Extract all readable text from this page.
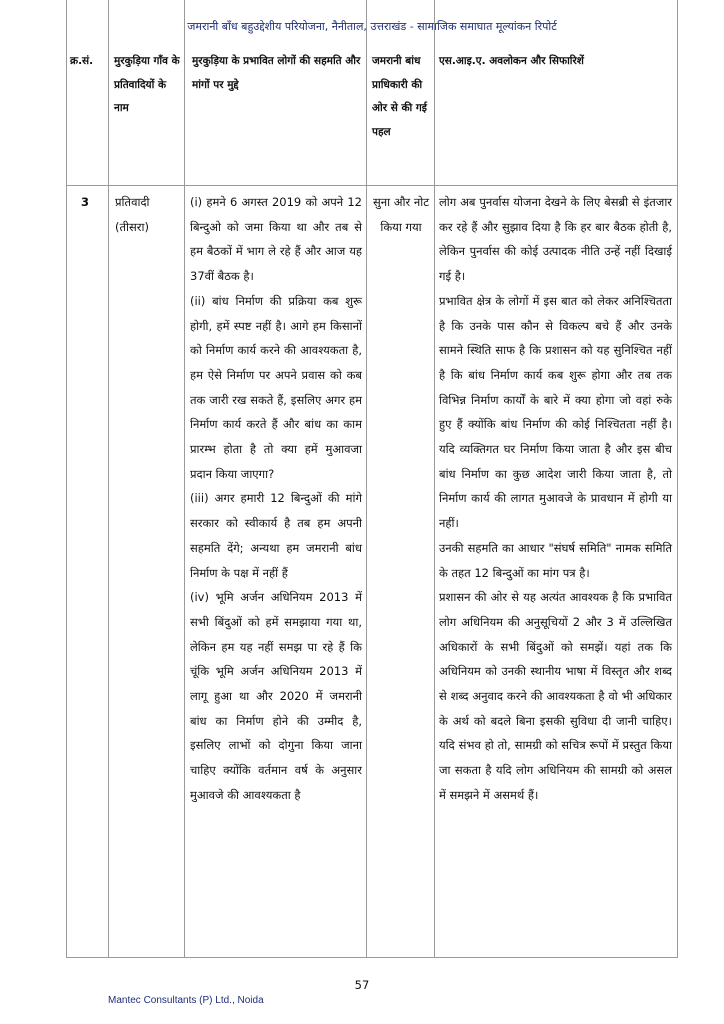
जमरानी बाँध बहुउद्देशीय परियोजना, नैनीताल, उत्तराखंड - सामाजिक समाघात मूल्यांकन रिपोर्ट
क्र.सं.	मुरकुड़िया गाँव के प्रतिवादियों के नाम
मुरकुड़िया के प्रभावित लोगों की सहमति और मांगों पर मुद्दे
जमरानी बांध प्राधिकारी की ओर से की गई पहल
एस.आइ.ए. अवलोकन और सिफारिशें
3	प्रतिवादी (तीसरा)

(i) हमने 6 अगस्त 2019 को अपने 12 बिन्दुओ को जमा किया था और तब से हम बैठकों में भाग ले रहे हैं और आज यह 37वीं बैठक है।

(ii) बांध निर्माण की प्रक्रिया कब शुरू होगी, हमें स्पष्ट नहीं है। आगे हम किसानों को निर्माण कार्य करने की आवश्यकता है, हम ऐसे निर्माण पर अपने प्रवास को कब तक जारी रख सकते हैं, इसलिए अगर हम निर्माण कार्य करते हैं और बांध का काम प्रारम्भ होता है तो क्या हमें मुआवजा प्रदान किया जाएगा?

(iii) अगर हमारी 12 बिन्दुओं की मांगे सरकार को स्वीकार्य है तब हम अपनी सहमति देंगे; अन्यथा हम जमरानी बांध निर्माण के पक्ष में नहीं हैं

(iv) भूमि अर्जन अधिनियम 2013 में सभी बिंदुओं को हमें समझाया गया था, लेकिन हम यह नहीं समझ पा रहे हैं कि चूंकि भूमि अर्जन अधिनियम 2013 में लागू हुआ था और 2020 में जमरानी बांध का निर्माण होने की उम्मीद है, इसलिए लाभों को दोगुना किया जाना चाहिए क्योंकि वर्तमान वर्ष के अनुसार मुआवजे की आवश्यकता है

सुना और नोट किया गया

लोग अब पुनर्वास योजना देखने के लिए बेसब्री से इंतजार कर रहे हैं और सुझाव दिया है कि हर बार बैठक होती है, लेकिन पुनर्वास की कोई उत्पादक नीति उन्हें नहीं दिखाई गई है।

प्रभावित क्षेत्र के लोगों में इस बात को लेकर अनिश्चितता है कि उनके पास कौन से विकल्प बचे हैं और उनके सामने स्थिति साफ है कि प्रशासन को यह सुनिश्चित नहीं है कि बांध निर्माण कार्य कब शुरू होगा और तब तक विभिन्न निर्माण कार्यों के बारे में क्या होगा जो वहां रुके हुए हैं क्योंकि बांध निर्माण की कोई निश्चितता नहीं है। यदि व्यक्तिगत घर निर्माण किया जाता है और इस बीच बांध निर्माण का कुछ आदेश जारी किया जाता है, तो निर्माण कार्य की लागत मुआवजे के प्रावधान में होगी या नहीं।

उनकी सहमति का आधार "संघर्ष समिति" नामक समिति के तहत 12 बिन्दुओं का मांग पत्र है।

प्रशासन की ओर से यह अत्यंत आवश्यक है कि प्रभावित लोग अधिनियम की अनुसूचियों 2 और 3 में उल्लिखित अधिकारों के सभी बिंदुओं को समझें। यहां तक कि अधिनियम को उनकी स्थानीय भाषा में विस्तृत और शब्द से शब्द अनुवाद करने की आवश्यकता है वो भी अधिकार के अर्थ को बदले बिना इसकी सुविधा दी जानी चाहिए। यदि संभव हो तो, सामग्री को सचित्र रूपों में प्रस्तुत किया जा सकता है यदि लोग अधिनियम की सामग्री को असल में समझने में असमर्थ हैं।

57
Mantec Consultants (P) Ltd., Noida
